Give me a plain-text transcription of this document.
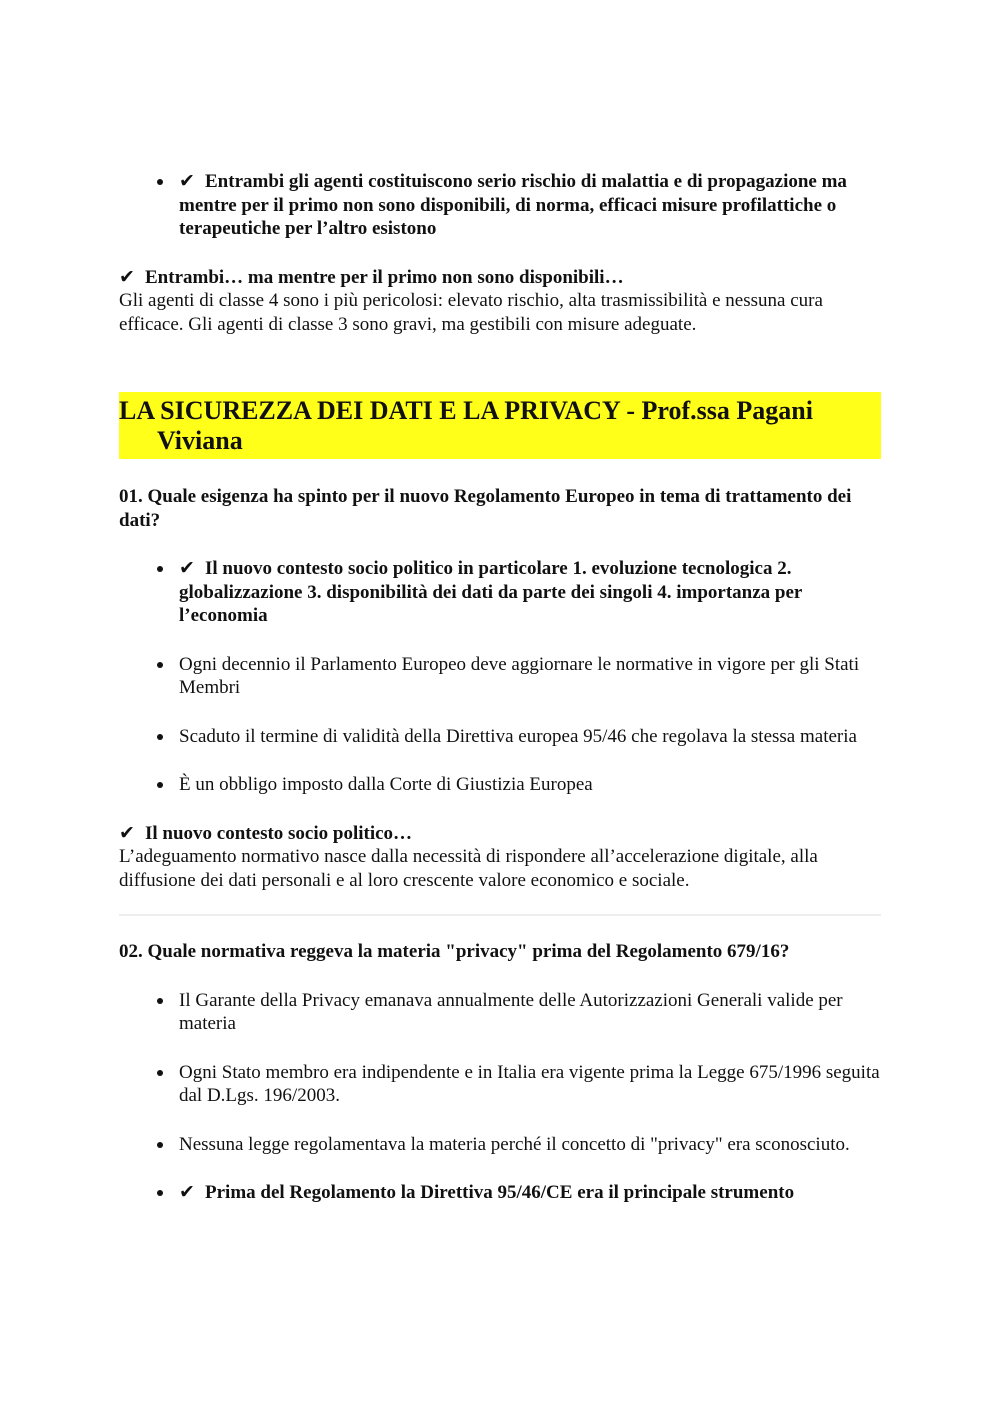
✔ Entrambi gli agenti costituiscono serio rischio di malattia e di propagazione ma mentre per il primo non sono disponibili, di norma, efficaci misure profilattiche o terapeutiche per l’altro esistono

✔ Entrambi… ma mentre per il primo non sono disponibili…

Gli agenti di classe 4 sono i più pericolosi: elevato rischio, alta trasmissibilità e nessuna cura efficace. Gli agenti di classe 3 sono gravi, ma gestibili con misure adeguate.

LA SICUREZZA DEI DATI E LA PRIVACY - Prof.ssa Pagani Viviana

01. Quale esigenza ha spinto per il nuovo Regolamento Europeo in tema di trattamento dei dati?

✔ Il nuovo contesto socio politico in particolare 1. evoluzione tecnologica 2. globalizzazione 3. disponibilità dei dati da parte dei singoli 4. importanza per l’economia
Ogni decennio il Parlamento Europeo deve aggiornare le normative in vigore per gli Stati Membri
Scaduto il termine di validità della Direttiva europea 95/46 che regolava la stessa materia
È un obbligo imposto dalla Corte di Giustizia Europea

✔ Il nuovo contesto socio politico…

L’adeguamento normativo nasce dalla necessità di rispondere all’accelerazione digitale, alla diffusione dei dati personali e al loro crescente valore economico e sociale.

02. Quale normativa reggeva la materia "privacy" prima del Regolamento 679/16?

Il Garante della Privacy emanava annualmente delle Autorizzazioni Generali valide per materia
Ogni Stato membro era indipendente e in Italia era vigente prima la Legge 675/1996 seguita dal D.Lgs. 196/2003.
Nessuna legge regolamentava la materia perché il concetto di "privacy" era sconosciuto.
✔ Prima del Regolamento la Direttiva 95/46/CE era il principale strumento
